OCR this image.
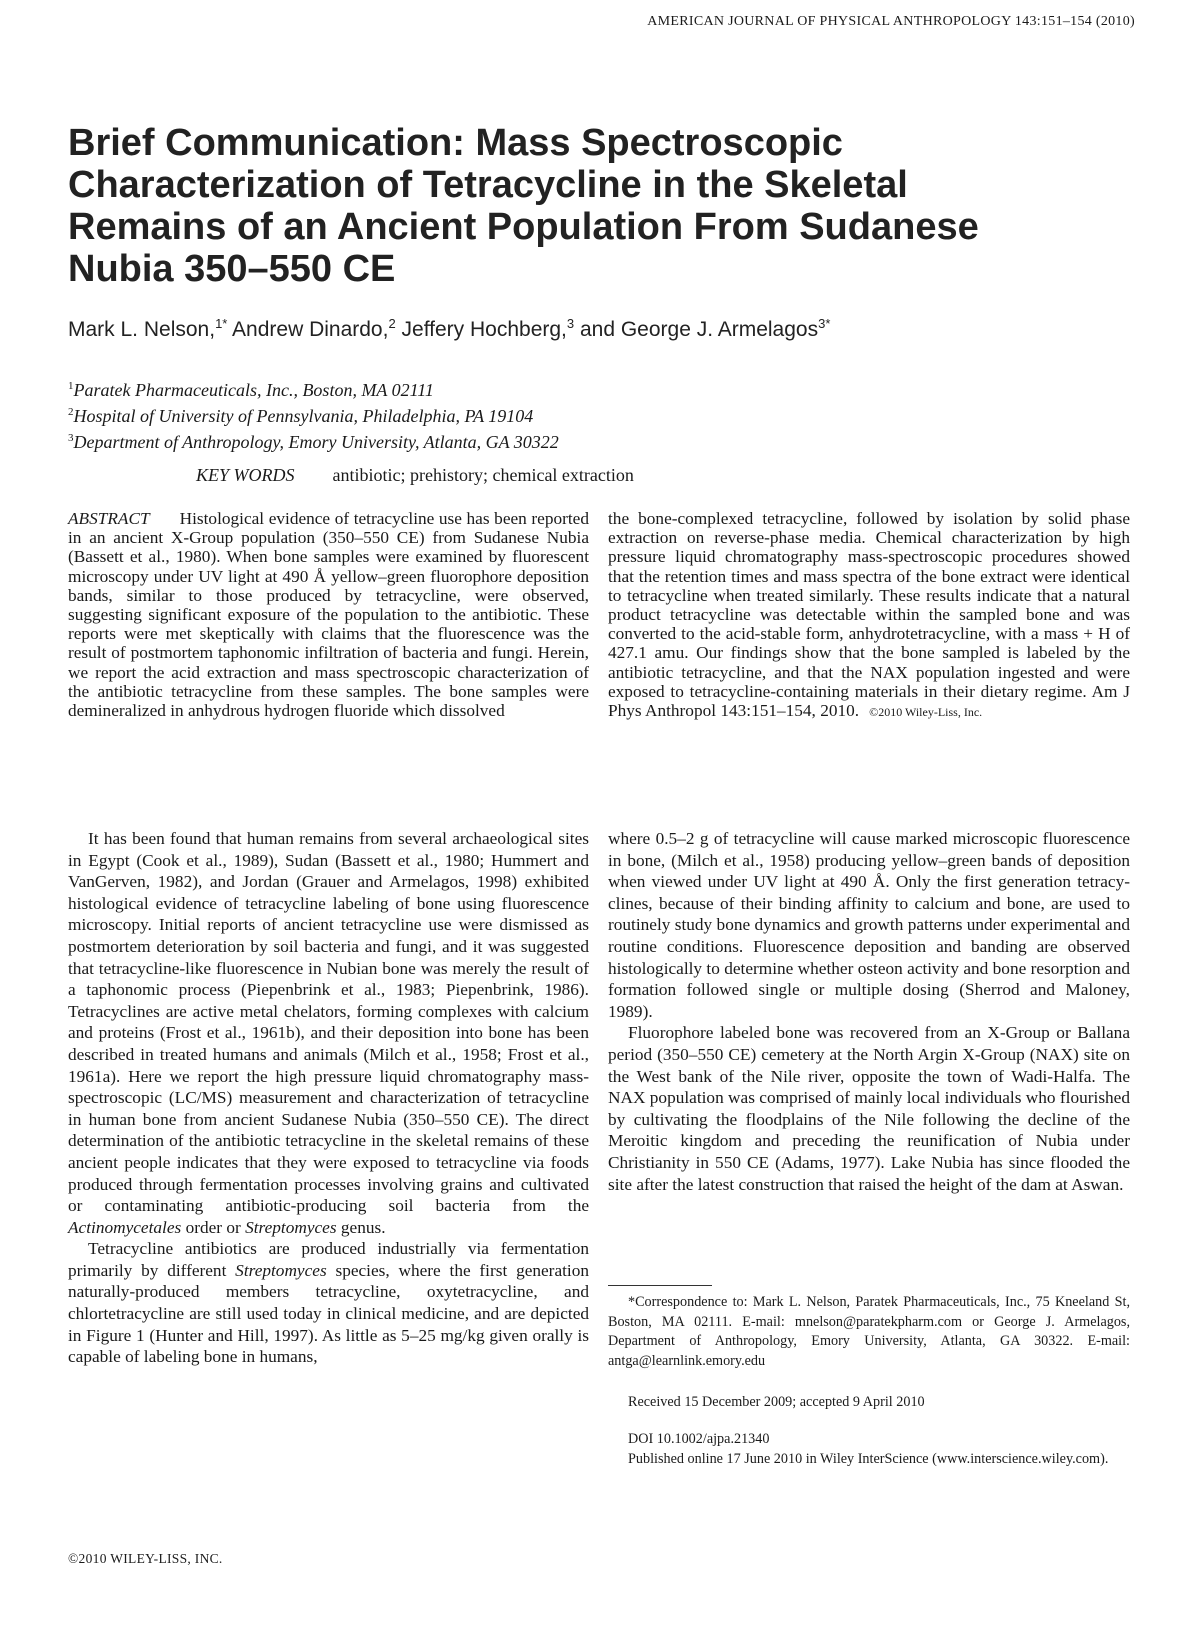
AMERICAN JOURNAL OF PHYSICAL ANTHROPOLOGY 143:151–154 (2010)
Brief Communication: Mass Spectroscopic
Characterization of Tetracycline in the Skeletal
Remains of an Ancient Population From Sudanese
Nubia 350–550 CE
Mark L. Nelson,$^{1*}$ Andrew Dinardo,$^2$ Jeffery Hochberg,$^3$ and George J. Armelagos$^{3*}$
$^1$Paratek Pharmaceuticals, Inc., Boston, MA 02111
$^2$Hospital of University of Pennsylvania, Philadelphia, PA 19104
$^3$Department of Anthropology, Emory University, Atlanta, GA 30322
KEY WORDS antibiotic; prehistory; chemical extraction

ABSTRACT Histological evidence of tetracycline use has been reported in an ancient X-Group population (350–550 CE) from Sudanese Nubia (Bassett et al., 1980). When bone samples were examined by fluorescent microscopy under UV light at 490 Å yellow–green fluorophore deposition bands, similar to those produced by tetracycline, were observed, suggesting significant exposure of the population to the antibiotic. These reports were met skeptically with claims that the fluorescence was the result of postmortem taphonomic infiltration of bacteria and fungi. Herein, we report the acid extraction and mass spectroscopic characterization of the antibiotic tetracycline from these samples. The bone samples were demineralized in anhydrous hydrogen fluoride which dissolved

the bone-complexed tetracycline, followed by isolation by solid phase extraction on reverse-phase media. Chemical characterization by high pressure liquid chromatography mass-spectroscopic procedures showed that the retention times and mass spectra of the bone extract were identical to tetracycline when treated similarly. These results indicate that a natural product tetracycline was detectable within the sampled bone and was converted to the acid-stable form, anhydrotetracycline, with a mass + H of 427.1 amu. Our findings show that the bone sampled is labeled by the antibiotic tetracycline, and that the NAX population ingested and were exposed to tetracycline-containing materials in their dietary regime. Am J Phys Anthropol 143:151–154, 2010. ©2010 Wiley-Liss, Inc.

It has been found that human remains from several archaeological sites in Egypt (Cook et al., 1989), Sudan (Bassett et al., 1980; Hummert and VanGerven, 1982), and Jordan (Grauer and Armelagos, 1998) exhibited histological evidence of tetracycline labeling of bone using fluorescence microscopy. Initial reports of ancient tetracycline use were dismissed as postmortem deterioration by soil bacteria and fungi, and it was suggested that tetracycline-like fluorescence in Nubian bone was merely the result of a taphonomic process (Piepenbrink et al., 1983; Piepenbrink, 1986). Tetracyclines are active metal chelators, forming complexes with calcium and proteins (Frost et al., 1961b), and their deposition into bone has been described in treated humans and animals (Milch et al., 1958; Frost et al., 1961a). Here we report the high pressure liquid chromatography mass-spectroscopic (LC/MS) measurement and characterization of tetracycline in human bone from ancient Sudanese Nubia (350–550 CE). The direct determination of the antibiotic tetracycline in the skeletal remains of these ancient people indicates that they were exposed to tetracycline via foods produced through fermentation processes involving grains and cultivated or contaminating antibiotic-producing soil bacteria from the Actinomycetales order or Streptomyces genus.

Tetracycline antibiotics are produced industrially via fermentation primarily by different Streptomyces species, where the first generation naturally-produced members tetracycline, oxytetracycline, and chlortetracycline are still used today in clinical medicine, and are depicted in Figure 1 (Hunter and Hill, 1997). As little as 5–25 mg/kg given orally is capable of labeling bone in humans,

where 0.5–2 g of tetracycline will cause marked microscopic fluorescence in bone, (Milch et al., 1958) producing yellow–green bands of deposition when viewed under UV light at 490 Å. Only the first generation tetracyclines, because of their binding affinity to calcium and bone, are used to routinely study bone dynamics and growth patterns under experimental and routine conditions. Fluorescence deposition and banding are observed histologically to determine whether osteon activity and bone resorption and formation followed single or multiple dosing (Sherrod and Maloney, 1989).

Fluorophore labeled bone was recovered from an X-Group or Ballana period (350–550 CE) cemetery at the North Argin X-Group (NAX) site on the West bank of the Nile river, opposite the town of Wadi-Halfa. The NAX population was comprised of mainly local individuals who flourished by cultivating the floodplains of the Nile following the decline of the Meroitic kingdom and preceding the reunification of Nubia under Christianity in 550 CE (Adams, 1977). Lake Nubia has since flooded the site after the latest construction that raised the height of the dam at Aswan.

*Correspondence to: Mark L. Nelson, Paratek Pharmaceuticals, Inc., 75 Kneeland St, Boston, MA 02111. E-mail: mnelson@paratekpharm.com or George J. Armelagos, Department of Anthropology, Emory University, Atlanta, GA 30322. E-mail: antga@learnlink.emory.edu

Received 15 December 2009; accepted 9 April 2010

DOI 10.1002/ajpa.21340

Published online 17 June 2010 in Wiley InterScience (www.interscience.wiley.com).

©2010 WILEY-LISS, INC.
